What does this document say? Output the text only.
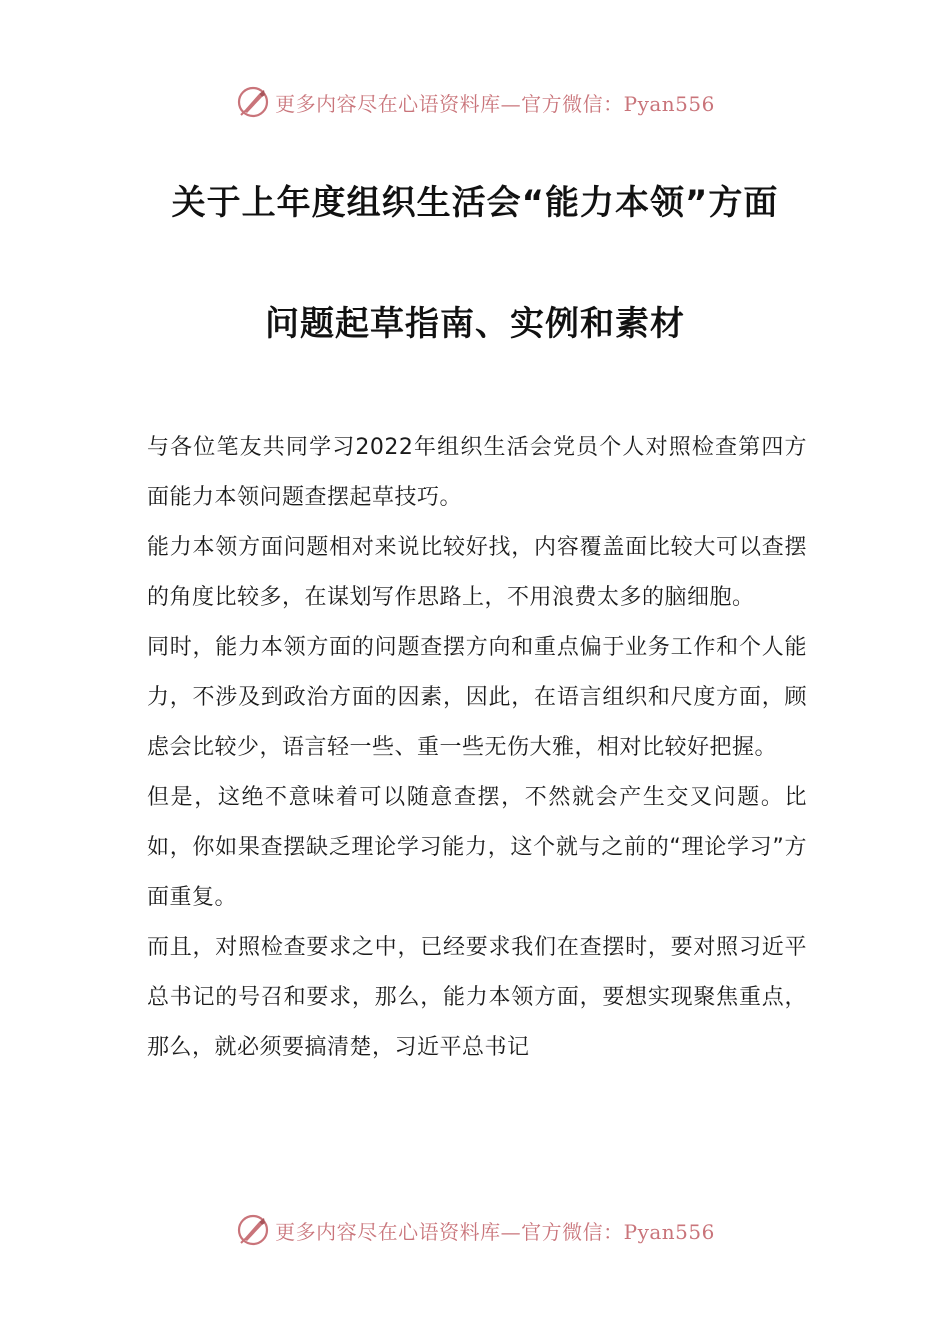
更多内容尽在心语资料库—官方微信：Pyan556
关于上年度组织生活会“能力本领”方面
问题起草指南、实例和素材

与各位笔友共同学习2022年组织生活会党员个人对照检查第四方面能力本领问题查摆起草技巧。

能力本领方面问题相对来说比较好找，内容覆盖面比较大可以查摆的角度比较多，在谋划写作思路上，不用浪费太多的脑细胞。

同时，能力本领方面的问题查摆方向和重点偏于业务工作和个人能力，不涉及到政治方面的因素，因此，在语言组织和尺度方面，顾虑会比较少，语言轻一些、重一些无伤大雅，相对比较好把握。

但是，这绝不意味着可以随意查摆，不然就会产生交叉问题。比如，你如果查摆缺乏理论学习能力，这个就与之前的“理论学习”方面重复。

而且，对照检查要求之中，已经要求我们在查摆时，要对照习近平总书记的号召和要求，那么，能力本领方面，要想实现聚焦重点，那么，就必须要搞清楚，习近平总书记

更多内容尽在心语资料库—官方微信：Pyan556
